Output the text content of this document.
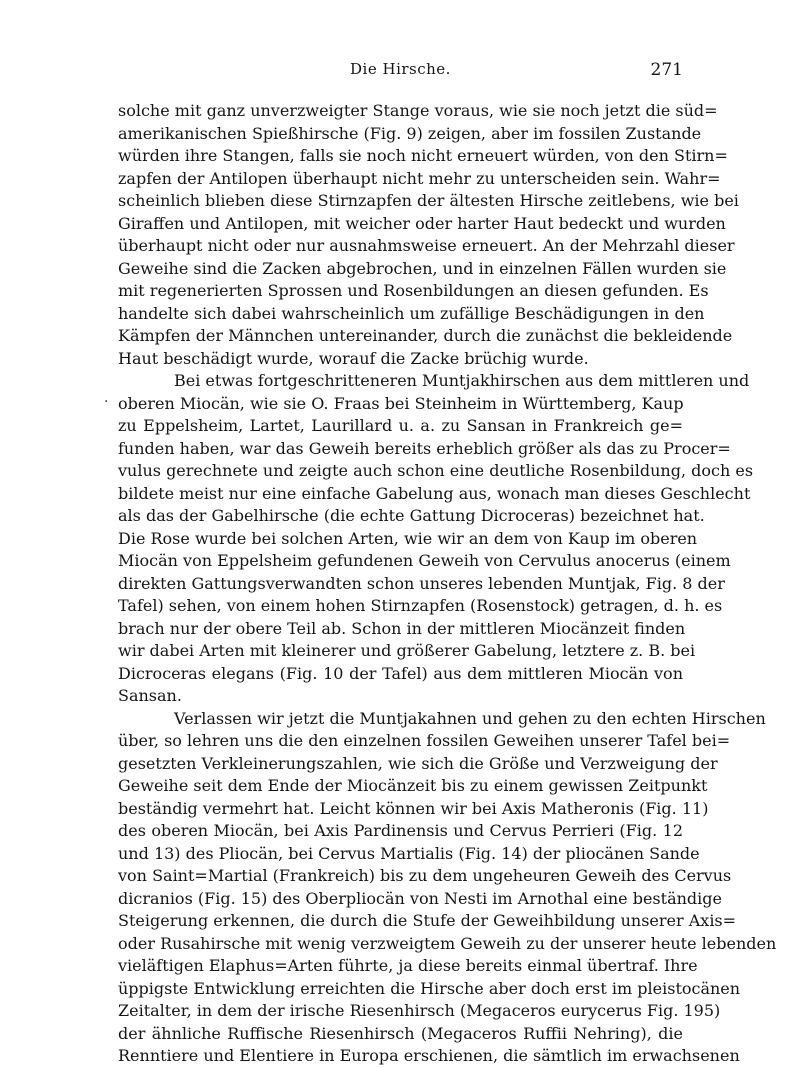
Die Hirsche.	271
·
solche mit ganz unverzweigter Stange voraus, wie sie noch jetzt die süd=
amerikanischen Spießhirsche (Fig. 9) zeigen, aber im fossilen Zustande
würden ihre Stangen, falls sie noch nicht erneuert würden, von den Stirn=
zapfen der Antilopen überhaupt nicht mehr zu unterscheiden sein. Wahr=
scheinlich blieben diese Stirnzapfen der ältesten Hirsche zeitlebens, wie bei
Giraffen und Antilopen, mit weicher oder harter Haut bedeckt und wurden
überhaupt nicht oder nur ausnahmsweise erneuert. An der Mehrzahl dieser
Geweihe sind die Zacken abgebrochen, und in einzelnen Fällen wurden sie
mit regenerierten Sprossen und Rosenbildungen an diesen gefunden. Es
handelte sich dabei wahrscheinlich um zufällige Beschädigungen in den
Kämpfen der Männchen untereinander, durch die zunächst die bekleidende
Haut beschädigt wurde, worauf die Zacke brüchig wurde.
Bei etwas fortgeschritteneren Muntjakhirschen aus dem mittleren und
oberen Miocän, wie sie O. Fraas bei Steinheim in Württemberg, Kaup
zu Eppelsheim, Lartet, Laurillard u. a. zu Sansan in Frankreich ge=
funden haben, war das Geweih bereits erheblich größer als das zu Procer=
vulus gerechnete und zeigte auch schon eine deutliche Rosenbildung, doch es
bildete meist nur eine einfache Gabelung aus, wonach man dieses Geschlecht
als das der Gabelhirsche (die echte Gattung Dicroceras) bezeichnet hat.
Die Rose wurde bei solchen Arten, wie wir an dem von Kaup im oberen
Miocän von Eppelsheim gefundenen Geweih von Cervulus anocerus (einem
direkten Gattungsverwandten schon unseres lebenden Muntjak, Fig. 8 der
Tafel) sehen, von einem hohen Stirnzapfen (Rosenstock) getragen, d. h. es
brach nur der obere Teil ab. Schon in der mittleren Miocänzeit finden
wir dabei Arten mit kleinerer und größerer Gabelung, letztere z. B. bei
Dicroceras elegans (Fig. 10 der Tafel) aus dem mittleren Miocän von
Sansan.
Verlassen wir jetzt die Muntjakahnen und gehen zu den echten Hirschen
über, so lehren uns die den einzelnen fossilen Geweihen unserer Tafel bei=
gesetzten Verkleinerungszahlen, wie sich die Größe und Verzweigung der
Geweihe seit dem Ende der Miocänzeit bis zu einem gewissen Zeitpunkt
beständig vermehrt hat. Leicht können wir bei Axis Matheronis (Fig. 11)
des oberen Miocän, bei Axis Pardinensis und Cervus Perrieri (Fig. 12
und 13) des Pliocän, bei Cervus Martialis (Fig. 14) der pliocänen Sande
von Saint=Martial (Frankreich) bis zu dem ungeheuren Geweih des Cervus
dicranios (Fig. 15) des Oberpliocän von Nesti im Arnothal eine beständige
Steigerung erkennen, die durch die Stufe der Geweihbildung unserer Axis=
oder Rusahirsche mit wenig verzweigtem Geweih zu der unserer heute lebenden
vieläftigen Elaphus=Arten führte, ja diese bereits einmal übertraf. Ihre
üppigste Entwicklung erreichten die Hirsche aber doch erst im pleistocänen
Zeitalter, in dem der irische Riesenhirsch (Megaceros eurycerus Fig. 195)
der ähnliche Ruffische Riesenhirsch (Megaceros Ruffii Nehring), die
Renntiere und Elentiere in Europa erschienen, die sämtlich im erwachsenen
